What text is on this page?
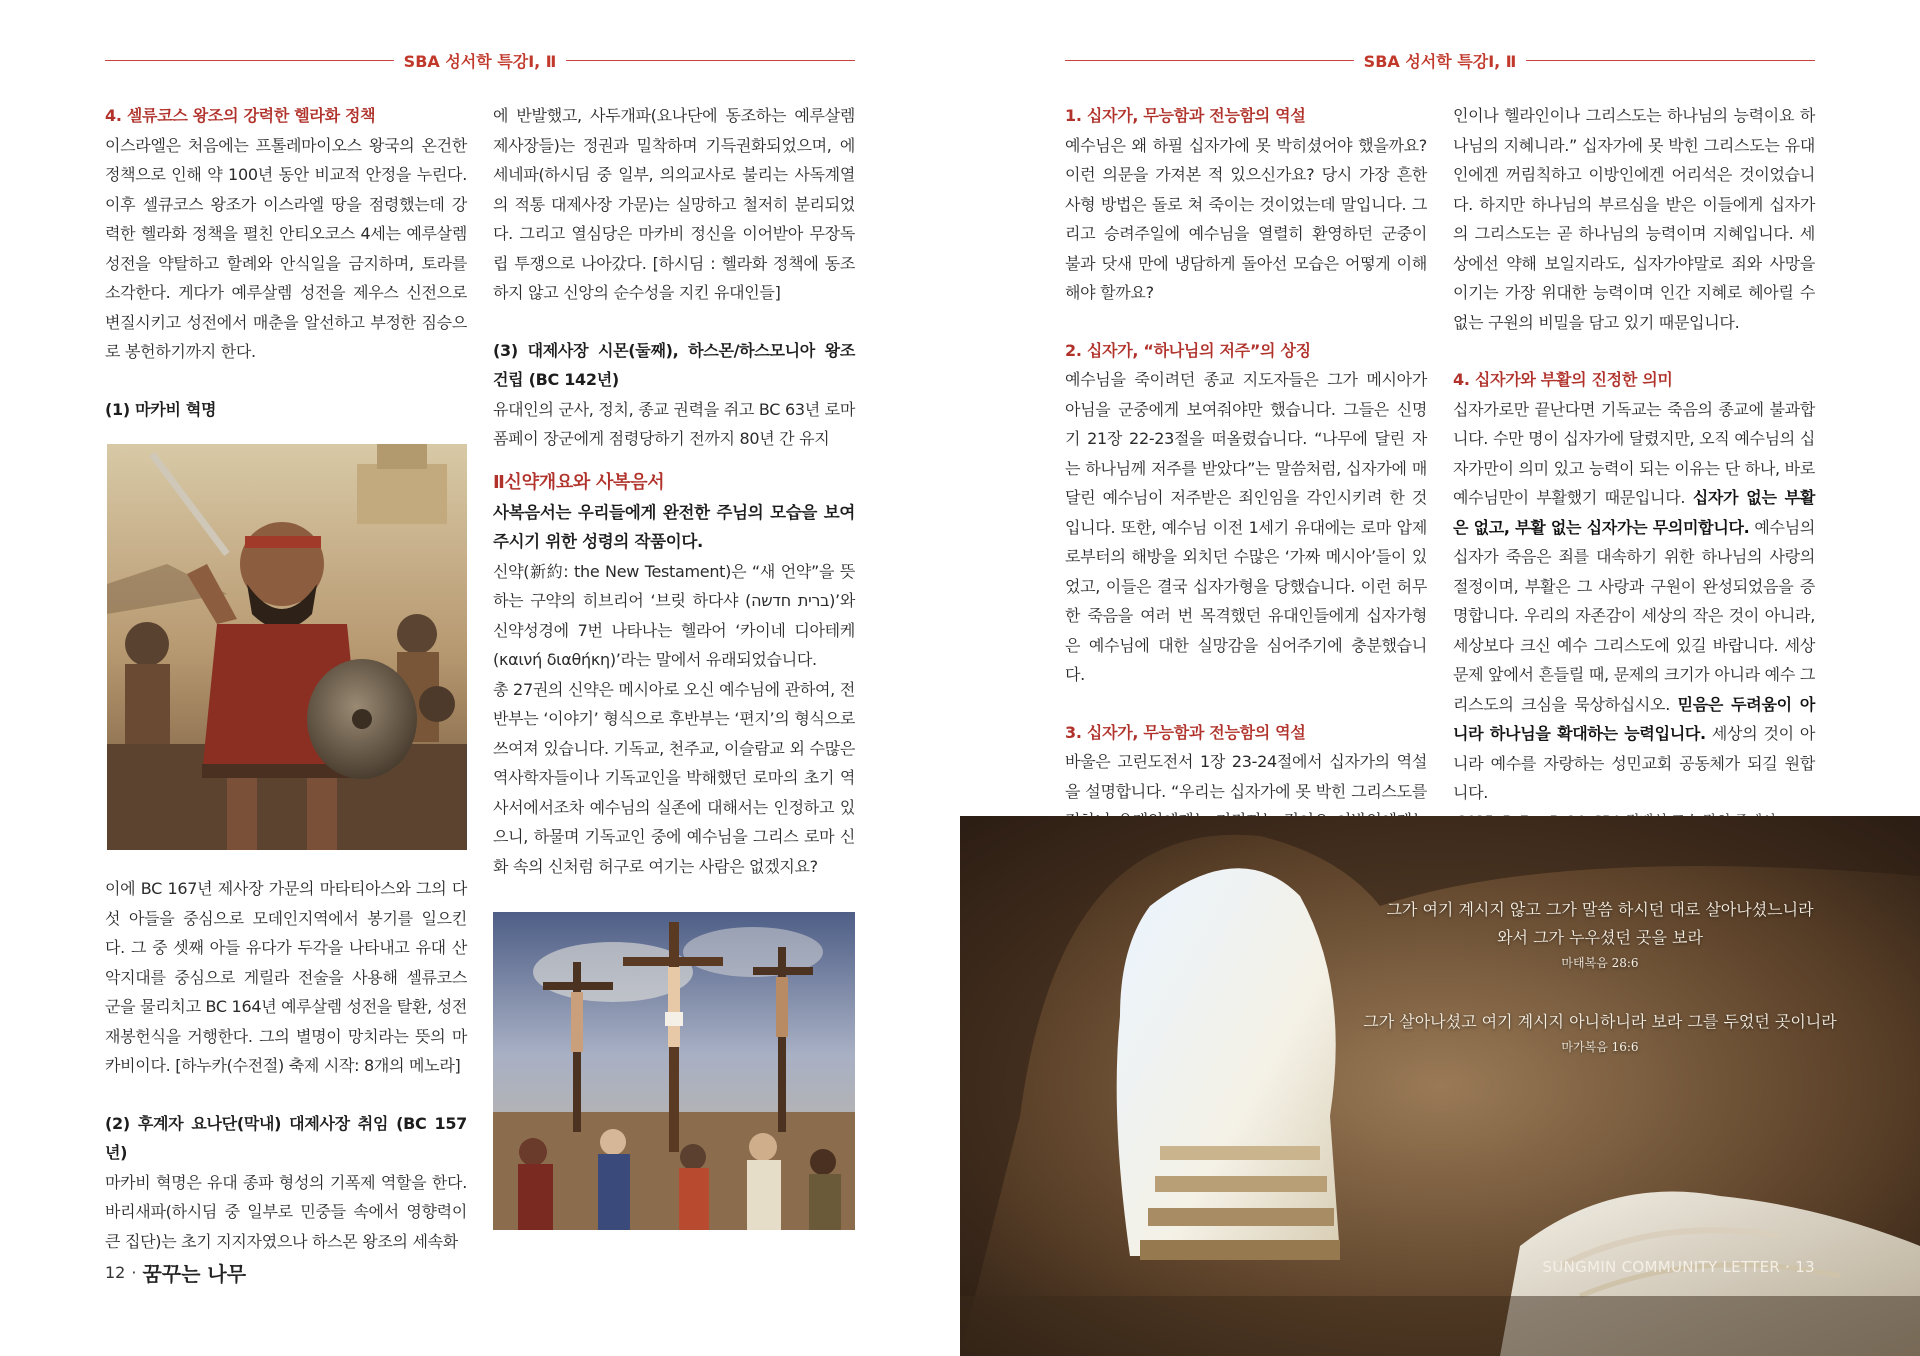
SBA 성서학 특강Ⅰ, Ⅱ

4. 셀류코스 왕조의 강력한 헬라화 정책

이스라엘은 처음에는 프톨레마이오스 왕국의 온건한 정책으로 인해 약 100년 동안 비교적 안정을 누린다. 이후 셀큐코스 왕조가 이스라엘 땅을 점령했는데 강력한 헬라화 정책을 펼친 안티오코스 4세는 예루살렘 성전을 약탈하고 할례와 안식일을 금지하며, 토라를 소각한다. 게다가 예루살렘 성전을 제우스 신전으로 변질시키고 성전에서 매춘을 알선하고 부정한 짐승으로 봉헌하기까지 한다.

(1) 마카비 혁명

이에 BC 167년 제사장 가문의 마타티아스와 그의 다섯 아들을 중심으로 모데인지역에서 봉기를 일으킨다. 그 중 셋째 아들 유다가 두각을 나타내고 유대 산악지대를 중심으로 게릴라 전술을 사용해 셀류코스 군을 물리치고 BC 164년 예루살렘 성전을 탈환, 성전 재봉헌식을 거행한다. 그의 별명이 망치라는 뜻의 마카비이다. [하누카(수전절) 축제 시작: 8개의 메노라]

(2) 후계자 요나단(막내) 대제사장 취임 (BC 157년)

마카비 혁명은 유대 종파 형성의 기폭제 역할을 한다. 바리새파(하시딤 중 일부로 민중들 속에서 영향력이 큰 집단)는 초기 지지자였으나 하스몬 왕조의 세속화

에 반발했고, 사두개파(요나단에 동조하는 예루살렘 제사장들)는 정권과 밀착하며 기득권화되었으며, 에세네파(하시딤 중 일부, 의의교사로 불리는 사독계열의 적통 대제사장 가문)는 실망하고 철저히 분리되었다. 그리고 열심당은 마카비 정신을 이어받아 무장독립 투쟁으로 나아갔다. [하시딤 : 헬라화 정책에 동조하지 않고 신앙의 순수성을 지킨 유대인들]

(3) 대제사장 시몬(둘째), 하스몬/하스모니아 왕조 건립 (BC 142년)

유대인의 군사, 정치, 종교 권력을 쥐고 BC 63년 로마 폼페이 장군에게 점령당하기 전까지 80년 간 유지

Ⅱ신약개요와 사복음서

사복음서는 우리들에게 완전한 주님의 모습을 보여주시기 위한 성령의 작품이다.

신약(新約: the New Testament)은 “새 언약”을 뜻하는 구약의 히브리어 ‘브릿 하다샤 (ברית חדשה)’와 신약성경에 7번 나타나는 헬라어 ‘카이네 디아테케(καινή διαθήκη)’라는 말에서 유래되었습니다.

총 27권의 신약은 메시아로 오신 예수님에 관하여, 전반부는 ‘이야기’ 형식으로 후반부는 ‘편지’의 형식으로 쓰여져 있습니다. 기독교, 천주교, 이슬람교 외 수많은 역사학자들이나 기독교인을 박해했던 로마의 초기 역사서에서조차 예수님의 실존에 대해서는 인정하고 있으니, 하물며 기독교인 중에 예수님을 그리스 로마 신화 속의 신처럼 허구로 여기는 사람은 없겠지요?

12 · 꿈꾸는 나무
SBA 성서학 특강Ⅰ, Ⅱ

1. 십자가, 무능함과 전능함의 역설

예수님은 왜 하필 십자가에 못 박히셨어야 했을까요? 이런 의문을 가져본 적 있으신가요? 당시 가장 흔한 사형 방법은 돌로 쳐 죽이는 것이었는데 말입니다. 그리고 승려주일에 예수님을 열렬히 환영하던 군중이 불과 닷새 만에 냉담하게 돌아선 모습은 어떻게 이해해야 할까요?

2. 십자가, “하나님의 저주”의 상징

예수님을 죽이려던 종교 지도자들은 그가 메시아가 아님을 군중에게 보여줘야만 했습니다. 그들은 신명기 21장 22-23절을 떠올렸습니다. “나무에 달린 자는 하나님께 저주를 받았다”는 말씀처럼, 십자가에 매달린 예수님이 저주받은 죄인임을 각인시키려 한 것입니다. 또한, 예수님 이전 1세기 유대에는 로마 압제로부터의 해방을 외치던 수많은 ‘가짜 메시아’들이 있었고, 이들은 결국 십자가형을 당했습니다. 이런 허무한 죽음을 여러 번 목격했던 유대인들에게 십자가형은 예수님에 대한 실망감을 심어주기에 충분했습니다.

3. 십자가, 무능함과 전능함의 역설

바울은 고린도전서 1장 23-24절에서 십자가의 역설을 설명합니다. “우리는 십자가에 못 박힌 그리스도를

인이나 헬라인이나 그리스도는 하나님의 능력이요 하나님의 지혜니라.” 십자가에 못 박힌 그리스도는 유대인에겐 꺼림칙하고 이방인에겐 어리석은 것이었습니다. 하지만 하나님의 부르심을 받은 이들에게 십자가의 그리스도는 곧 하나님의 능력이며 지혜입니다. 세상에선 약해 보일지라도, 십자가야말로 죄와 사망을 이기는 가장 위대한 능력이며 인간 지혜로 헤아릴 수 없는 구원의 비밀을 담고 있기 때문입니다.

4. 십자가와 부활의 진정한 의미

십자가로만 끝난다면 기독교는 죽음의 종교에 불과합니다. 수만 명이 십자가에 달렸지만, 오직 예수님의 십자가만이 의미 있고 능력이 되는 이유는 단 하나, 바로 예수님만이 부활했기 때문입니다. 십자가 없는 부활은 없고, 부활 없는 십자가는 무의미합니다. 예수님의 십자가 죽음은 죄를 대속하기 위한 하나님의 사랑의 절정이며, 부활은 그 사랑과 구원이 완성되었음을 증명합니다. 우리의 자존감이 세상의 작은 것이 아니라, 세상보다 크신 예수 그리스도에 있길 바랍니다. 세상 문제 앞에서 흔들릴 때, 문제의 크기가 아니라 예수 그리스도의 크심을 묵상하십시오. 믿음은 두려움이 아니라 하나님을 확대하는 능력입니다. 세상의 것이 아니라 예수를 자랑하는 성민교회 공동체가 되길 원합니다.

그가 여기 계시지 않고 그가 말씀 하시던 대로 살아나셨느니라
와서 그가 누우셨던 곳을 보라
마태복음 28:6
그가 살아나셨고 여기 계시지 아니하니라 보라 그를 두었던 곳이니라
마가복음 16:6
SUNGMIN COMMUNITY LETTER · 13
